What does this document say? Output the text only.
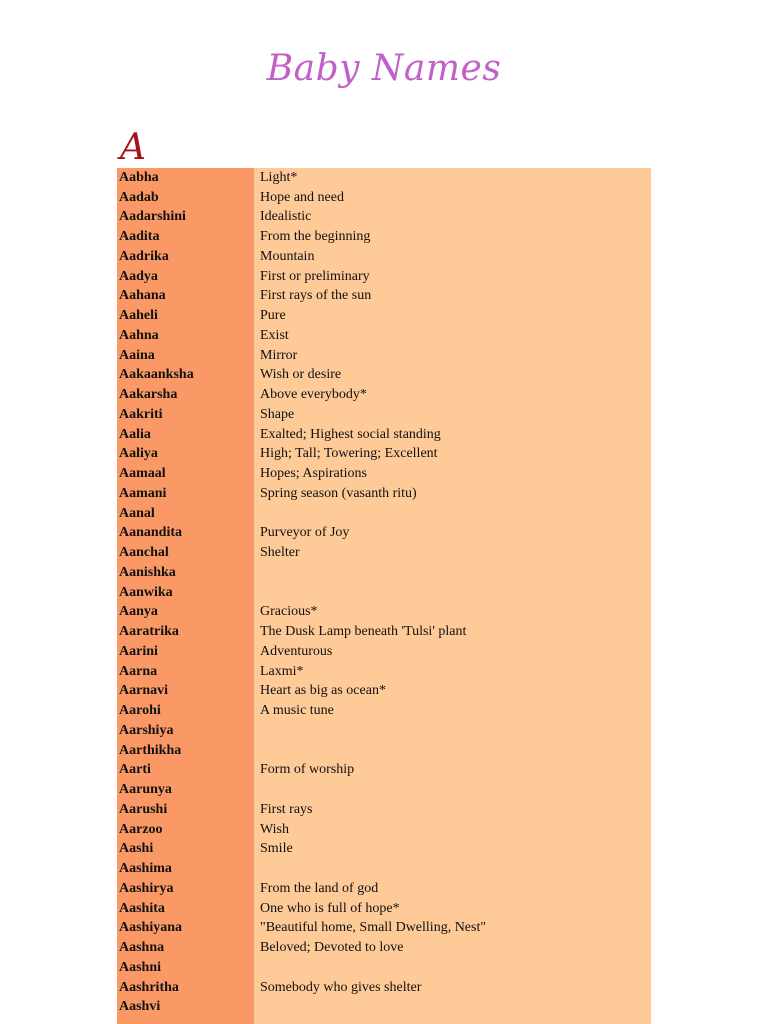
Baby Names
A
Aabha	Light*
Aadab	Hope and need
Aadarshini	Idealistic
Aadita	From the beginning
Aadrika	Mountain
Aadya	First or preliminary
Aahana	First rays of the sun
Aaheli	Pure
Aahna	Exist
Aaina	Mirror
Aakaanksha	Wish or desire
Aakarsha	Above everybody*
Aakriti	Shape
Aalia	Exalted; Highest social standing
Aaliya	High; Tall; Towering; Excellent
Aamaal	Hopes; Aspirations
Aamani	Spring season (vasanth ritu)
Aanal
Aanandita	Purveyor of Joy
Aanchal	Shelter
Aanishka
Aanwika
Aanya	Gracious*
Aaratrika	The Dusk Lamp beneath 'Tulsi' plant
Aarini	Adventurous
Aarna	Laxmi*
Aarnavi	Heart as big as ocean*
Aarohi	A music tune
Aarshiya
Aarthikha
Aarti	Form of worship
Aarunya
Aarushi	First rays
Aarzoo	Wish
Aashi	Smile
Aashima
Aashirya	From the land of god
Aashita	One who is full of hope*
Aashiyana	"Beautiful home, Small Dwelling, Nest"
Aashna	Beloved; Devoted to love
Aashni
Aashritha	Somebody who gives shelter
Aashvi
